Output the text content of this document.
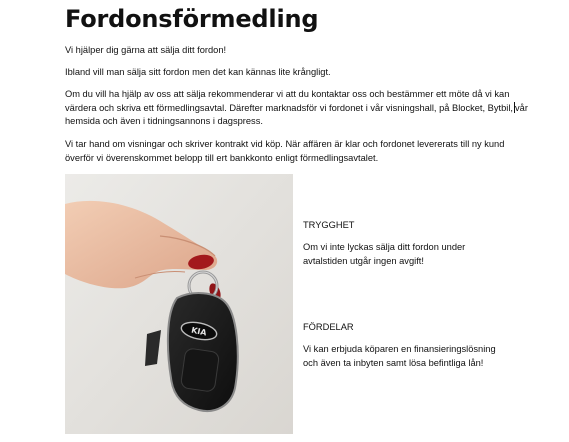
Fordonsförmedling

Vi hjälper dig gärna att sälja ditt fordon!

Ibland vill man sälja sitt fordon men det kan kännas lite krångligt.

Om du vill ha hjälp av oss att sälja rekommenderar vi att du kontaktar oss och bestämmer ett möte då vi kan värdera och skriva ett förmedlingsavtal. Därefter marknadsför vi fordonet i vår visningshall, på Blocket, Bytbil, vår hemsida och även i tidningsannons i dagspress.

Vi tar hand om visningar och skriver kontrakt vid köp. När affären är klar och fordonet levererats till ny kund överför vi överenskommet belopp till ert bankkonto enligt förmedlingsavtalet.

KIA

TRYGGHET

Om vi inte lyckas sälja ditt fordon under avtalstiden utgår ingen avgift!

FÖRDELAR

Vi kan erbjuda köparen en finansieringslösning och även ta inbyten samt lösa befintliga lån!
